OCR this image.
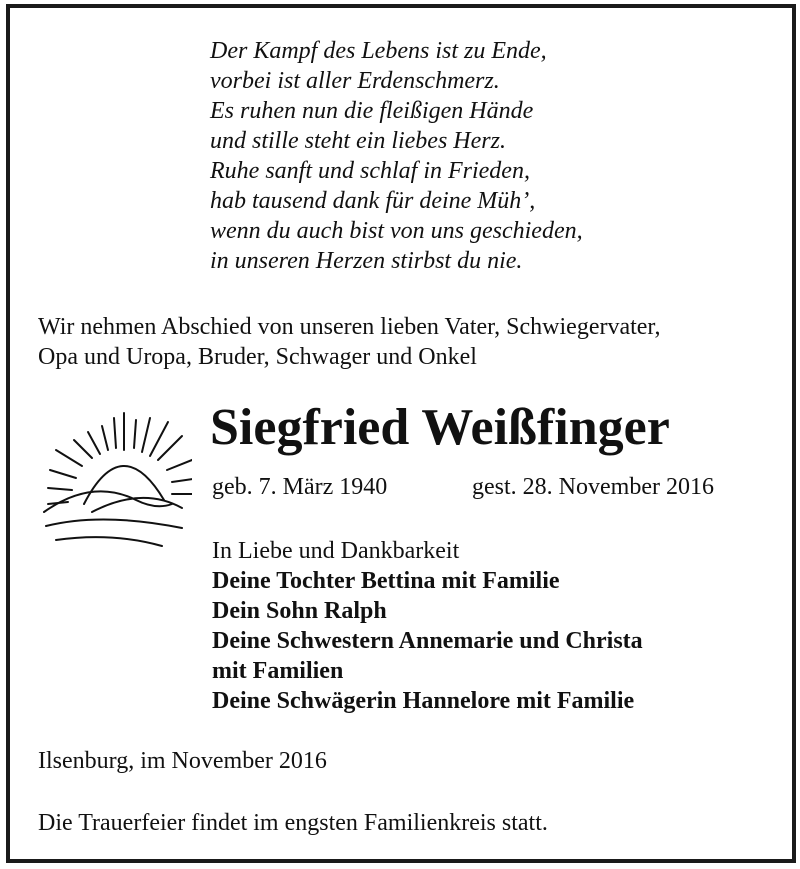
Der Kampf des Lebens ist zu Ende,
vorbei ist aller Erdenschmerz.
Es ruhen nun die fleißigen Hände
und stille steht ein liebes Herz.
Ruhe sanft und schlaf in Frieden,
hab tausend dank für deine Müh’,
wenn du auch bist von uns geschieden,
in unseren Herzen stirbst du nie.
Wir nehmen Abschied von unseren lieben Vater, Schwiegervater,
Opa und Uropa, Bruder, Schwager und Onkel
Siegfried Weißfinger
geb. 7. März 1940	gest. 28. November 2016
In Liebe und Dankbarkeit
Deine Tochter Bettina mit Familie
Dein Sohn Ralph
Deine Schwestern Annemarie und Christa
mit Familien
Deine Schwägerin Hannelore mit Familie
Ilsenburg, im November 2016
Die Trauerfeier findet im engsten Familienkreis statt.
